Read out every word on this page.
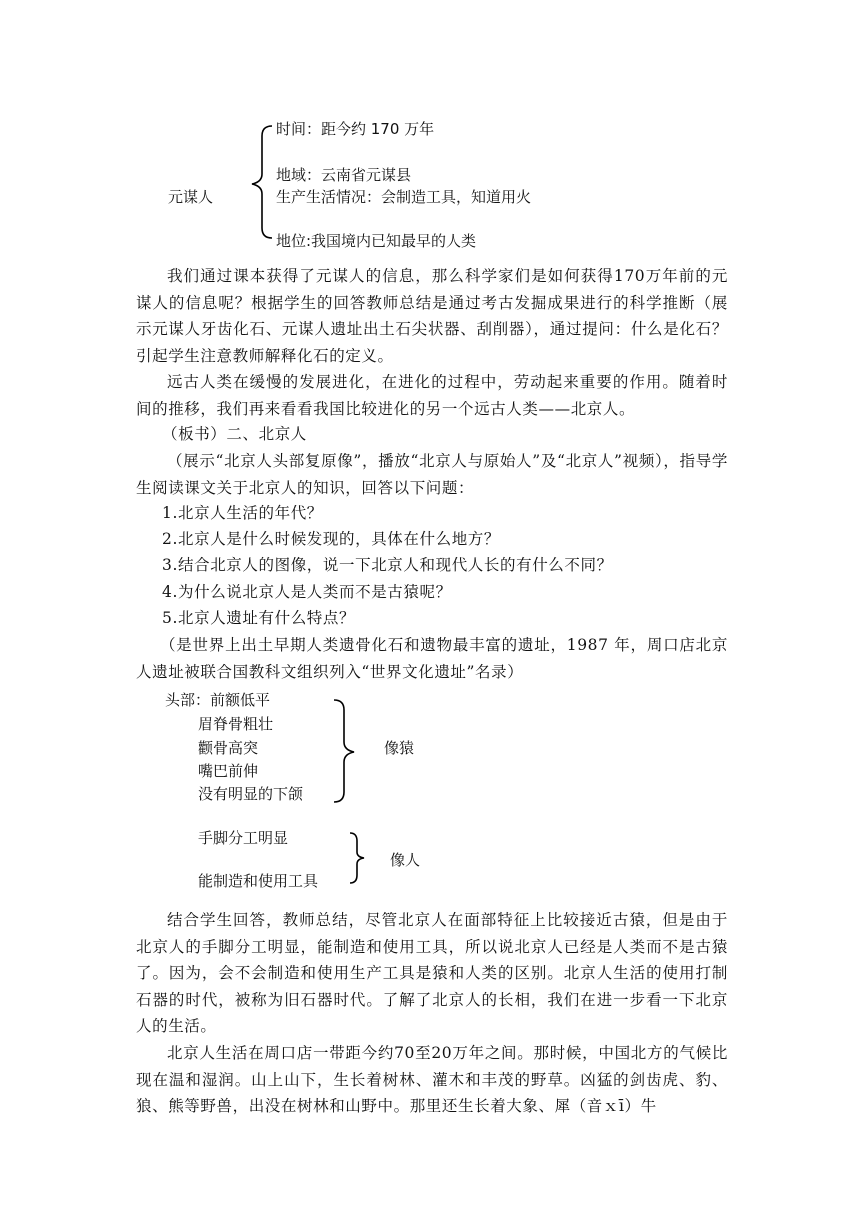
元谋人
时间：距今约 170 万年
地域：云南省元谋县
生产生活情况：会制造工具，知道用火
地位:我国境内已知最早的人类

我们通过课本获得了元谋人的信息，那么科学家们是如何获得170万年前的元谋人的信息呢？根据学生的回答教师总结是通过考古发掘成果进行的科学推断（展示元谋人牙齿化石、元谋人遗址出土石尖状器、刮削器），通过提问：什么是化石？引起学生注意教师解释化石的定义。

远古人类在缓慢的发展进化，在进化的过程中，劳动起来重要的作用。随着时间的推移，我们再来看看我国比较进化的另一个远古人类——北京人。

（板书）二、北京人

（展示“北京人头部复原像”，播放“北京人与原始人”及“北京人”视频），指导学生阅读课文关于北京人的知识，回答以下问题：

1.北京人生活的年代？
2.北京人是什么时候发现的，具体在什么地方？
3.结合北京人的图像，说一下北京人和现代人长的有什么不同？
4.为什么说北京人是人类而不是古猿呢？
5.北京人遗址有什么特点？

（是世界上出土早期人类遗骨化石和遗物最丰富的遗址，1987 年，周口店北京人遗址被联合国教科文组织列入“世界文化遗址”名录）

头部：前额低平
眉脊骨粗壮
颧骨高突
嘴巴前伸
没有明显的下颌
像猿
手脚分工明显
能制造和使用工具
像人

结合学生回答，教师总结，尽管北京人在面部特征上比较接近古猿，但是由于北京人的手脚分工明显，能制造和使用工具，所以说北京人已经是人类而不是古猿了。因为，会不会制造和使用生产工具是猿和人类的区别。北京人生活的使用打制石器的时代，被称为旧石器时代。了解了北京人的长相，我们在进一步看一下北京人的生活。

北京人生活在周口店一带距今约70至20万年之间。那时候，中国北方的气候比现在温和湿润。山上山下，生长着树林、灌木和丰茂的野草。凶猛的剑齿虎、豹、狼、熊等野兽，出没在树林和山野中。那里还生长着大象、犀（音ｘī）牛
